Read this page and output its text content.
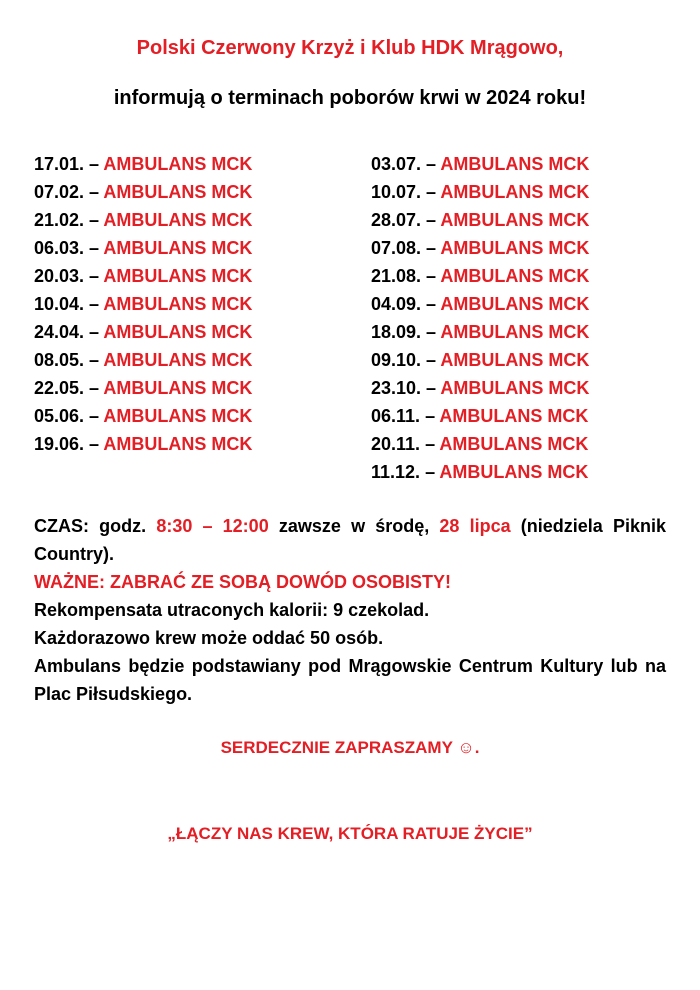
Polski Czerwony Krzyż i Klub HDK Mrągowo,
informują o terminach poborów krwi w 2024 roku!
17.01. – AMBULANS MCK
07.02. – AMBULANS MCK
21.02. – AMBULANS MCK
06.03. – AMBULANS MCK
20.03. – AMBULANS MCK
10.04. – AMBULANS MCK
24.04. – AMBULANS MCK
08.05. – AMBULANS MCK
22.05. – AMBULANS MCK
05.06. – AMBULANS MCK
19.06. – AMBULANS MCK
03.07. – AMBULANS MCK
10.07. – AMBULANS MCK
28.07. – AMBULANS MCK
07.08. – AMBULANS MCK
21.08. – AMBULANS MCK
04.09. – AMBULANS MCK
18.09. – AMBULANS MCK
09.10. – AMBULANS MCK
23.10. – AMBULANS MCK
06.11. – AMBULANS MCK
20.11. – AMBULANS MCK
11.12. – AMBULANS MCK

CZAS: godz. 8:30 – 12:00 zawsze w środę, 28 lipca (niedziela Piknik Country).

WAŻNE: ZABRAĆ ZE SOBĄ DOWÓD OSOBISTY!

Rekompensata utraconych kalorii: 9 czekolad.

Każdorazowo krew może oddać 50 osób.

Ambulans będzie podstawiany pod Mrągowskie Centrum Kultury lub na Plac Piłsudskiego.

SERDECZNIE ZAPRASZAMY ☺.
„ŁĄCZY NAS KREW, KTÓRA RATUJE ŻYCIE”
